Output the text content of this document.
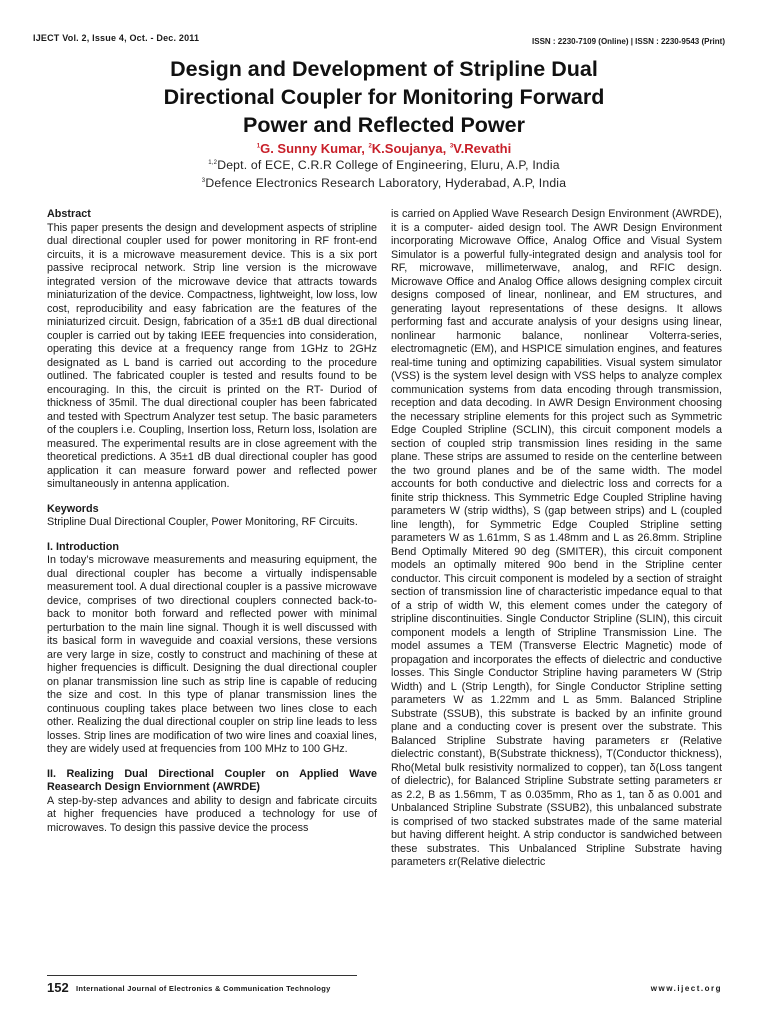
IJECT Vol. 2, Issue 4, Oct. - Dec. 2011	ISSN : 2230-7109 (Online) | ISSN : 2230-9543 (Print)
Design and Development of Stripline Dual
Directional Coupler for Monitoring Forward
Power and Reflected Power
$^1$G. Sunny Kumar, $^2$K.Soujanya, $^3$V.Revathi
$^{1,2}$Dept. of ECE, C.R.R College of Engineering, Eluru, A.P, India
$^3$Defence Electronics Research Laboratory, Hyderabad, A.P, India

Abstract

This paper presents the design and development aspects of stripline dual directional coupler used for power monitoring in RF front-end circuits, it is a microwave measurement device. This is a six port passive reciprocal network. Strip line version is the microwave integrated version of the microwave device that attracts towards miniaturization of the device. Compactness, lightweight, low loss, low cost, reproducibility and easy fabrication are the features of the miniaturized circuit. Design, fabrication of a 35±1 dB dual directional coupler is carried out by taking IEEE frequencies into consideration, operating this device at a frequency range from 1GHz to 2GHz designated as L band is carried out according to the procedure outlined. The fabricated coupler is tested and results found to be encouraging. In this, the circuit is printed on the RT- Duriod of thickness of 35mil. The dual directional coupler has been fabricated and tested with Spectrum Analyzer test setup. The basic parameters of the couplers i.e. Coupling, Insertion loss, Return loss, Isolation are measured. The experimental results are in close agreement with the theoretical predictions. A 35±1 dB dual directional coupler has good application it can measure forward power and reflected power simultaneously in antenna application.

Keywords

Stripline Dual Directional Coupler, Power Monitoring, RF Circuits.

I. Introduction

In today’s microwave measurements and measuring equipment, the dual directional coupler has become a virtually indispensable measurement tool. A dual directional coupler is a passive microwave device, comprises of two directional couplers connected back-to-back to monitor both forward and reflected power with minimal perturbation to the main line signal. Though it is well discussed with its basical form in waveguide and coaxial versions, these versions are very large in size, costly to construct and machining of these at higher frequencies is difficult. Designing the dual directional coupler on planar transmission line such as strip line is capable of reducing the size and cost. In this type of planar transmission lines the continuous coupling takes place between two lines close to each other. Realizing the dual directional coupler on strip line leads to less losses. Strip lines are modification of two wire lines and coaxial lines, they are widely used at frequencies from 100 MHz to 100 GHz.

II. Realizing Dual Directional Coupler on Applied Wave Reasearch Design Enviornment (AWRDE)

A step-by-step advances and ability to design and fabricate circuits at higher frequencies have produced a technology for use of microwaves. To design this passive device the process

is carried on Applied Wave Research Design Environment (AWRDE), it is a computer- aided design tool. The AWR Design Environment incorporating Microwave Office, Analog Office and Visual System Simulator is a powerful fully-integrated design and analysis tool for RF, microwave, millimeterwave, analog, and RFIC design. Microwave Office and Analog Office allows designing complex circuit designs composed of linear, nonlinear, and EM structures, and generating layout representations of these designs. It allows performing fast and accurate analysis of your designs using linear, nonlinear harmonic balance, nonlinear Volterra-series, electromagnetic (EM), and HSPICE simulation engines, and features real-time tuning and optimizing capabilities. Visual system simulator (VSS) is the system level design with VSS helps to analyze complex communication systems from data encoding through transmission, reception and data decoding. In AWR Design Environment choosing the necessary stripline elements for this project such as Symmetric Edge Coupled Stripline (SCLIN), this circuit component models a section of coupled strip transmission lines residing in the same plane. These strips are assumed to reside on the centerline between the two ground planes and be of the same width. The model accounts for both conductive and dielectric loss and corrects for a finite strip thickness. This Symmetric Edge Coupled Stripline having parameters W (strip widths), S (gap between strips) and L (coupled line length), for Symmetric Edge Coupled Stripline setting parameters W as 1.61mm, S as 1.48mm and L as 26.8mm. Stripline Bend Optimally Mitered 90 deg (SMITER), this circuit component models an optimally mitered 90o bend in the Stripline center conductor. This circuit component is modeled by a section of straight section of transmission line of characteristic impedance equal to that of a strip of width W, this element comes under the category of stripline discontinuities. Single Conductor Stripline (SLIN), this circuit component models a length of Stripline Transmission Line. The model assumes a TEM (Transverse Electric Magnetic) mode of propagation and incorporates the effects of dielectric and conductive losses. This Single Conductor Stripline having parameters W (Strip Width) and L (Strip Length), for Single Conductor Stripline setting parameters W as 1.22mm and L as 5mm. Balanced Stripline Substrate (SSUB), this substrate is backed by an infinite ground plane and a conducting cover is present over the substrate. This Balanced Stripline Substrate having parameters εr (Relative dielectric constant), B(Substrate thickness), T(Conductor thickness), Rho(Metal bulk resistivity normalized to copper), tan δ(Loss tangent of dielectric), for Balanced Stripline Substrate setting parameters εr as 2.2, B as 1.56mm, T as 0.035mm, Rho as 1, tan δ as 0.001 and Unbalanced Stripline Substrate (SSUB2), this unbalanced substrate is comprised of two stacked substrates made of the same material but having different height. A strip conductor is sandwiched between these substrates. This Unbalanced Stripline Substrate having parameters εr(Relative dielectric

152 International Journal of Electronics & Communication Technology	www.iject.org
